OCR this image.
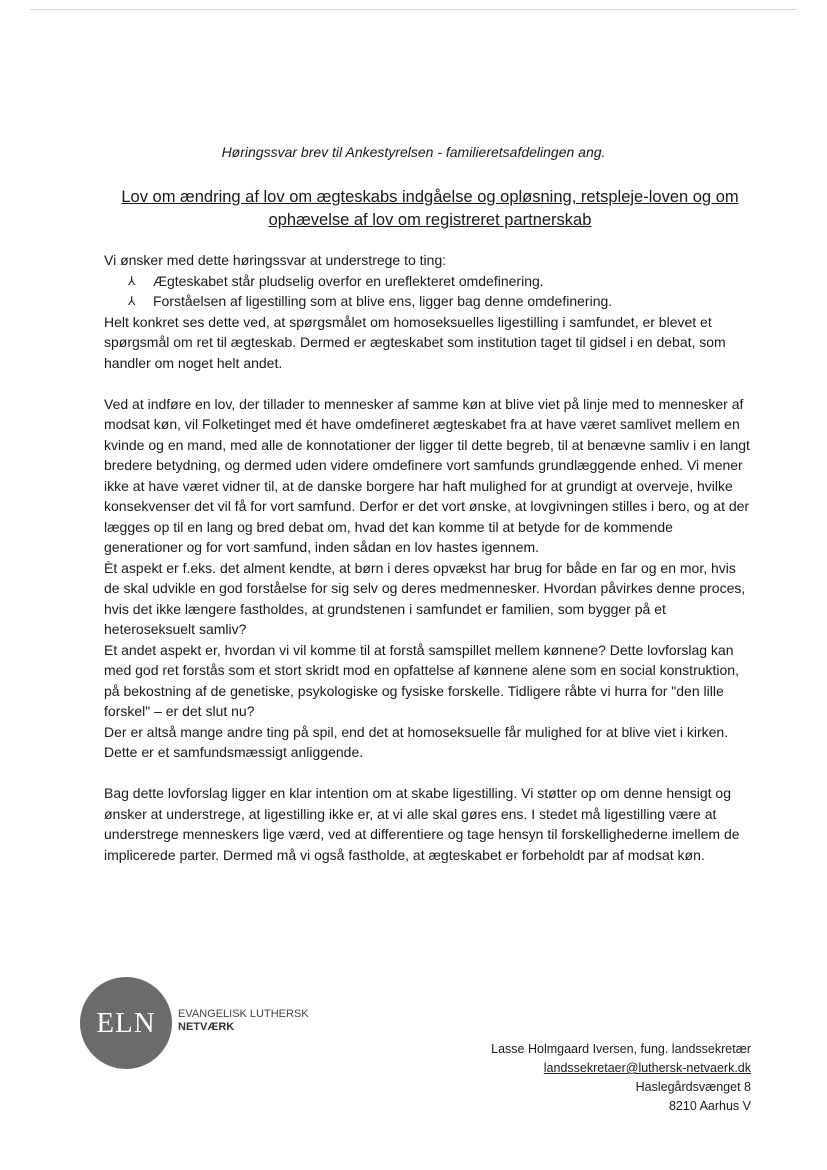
Høringssvar brev til Ankestyrelsen - familieretsafdelingen ang.
Lov om ændring af lov om ægteskabs indgåelse og opløsning, retspleje-loven og om ophævelse af lov om registreret partnerskab

Vi ønsker med dette høringssvar at understrege to ting:

⅄ Ægteskabet står pludselig overfor en ureflekteret omdefinering.
⅄ Forståelsen af ligestilling som at blive ens, ligger bag denne omdefinering.

Helt konkret ses dette ved, at spørgsmålet om homoseksuelles ligestilling i samfundet, er blevet et spørgsmål om ret til ægteskab. Dermed er ægteskabet som institution taget til gidsel i en debat, som handler om noget helt andet.

Ved at indføre en lov, der tillader to mennesker af samme køn at blive viet på linje med to mennesker af modsat køn, vil Folketinget med ét have omdefineret ægteskabet fra at have været samlivet mellem en kvinde og en mand, med alle de konnotationer der ligger til dette begreb, til at benævne samliv i en langt bredere betydning, og dermed uden videre omdefinere vort samfunds grundlæggende enhed. Vi mener ikke at have været vidner til, at de danske borgere har haft mulighed for at grundigt at overveje, hvilke konsekvenser det vil få for vort samfund. Derfor er det vort ønske, at lovgivningen stilles i bero, og at der lægges op til en lang og bred debat om, hvad det kan komme til at betyde for de kommende generationer og for vort samfund, inden sådan en lov hastes igennem.

Èt aspekt er f.eks. det alment kendte, at børn i deres opvækst har brug for både en far og en mor, hvis de skal udvikle en god forståelse for sig selv og deres medmennesker. Hvordan påvirkes denne proces, hvis det ikke længere fastholdes, at grundstenen i samfundet er familien, som bygger på et heteroseksuelt samliv?

Et andet aspekt er, hvordan vi vil komme til at forstå samspillet mellem kønnene? Dette lovforslag kan med god ret forstås som et stort skridt mod en opfattelse af kønnene alene som en social konstruktion, på bekostning af de genetiske, psykologiske og fysiske forskelle. Tidligere råbte vi hurra for "den lille forskel" – er det slut nu?

Der er altså mange andre ting på spil, end det at homoseksuelle får mulighed for at blive viet i kirken. Dette er et samfundsmæssigt anliggende.

Bag dette lovforslag ligger en klar intention om at skabe ligestilling. Vi støtter op om denne hensigt og ønsker at understrege, at ligestilling ikke er, at vi alle skal gøres ens. I stedet må ligestilling være at understrege menneskers lige værd, ved at differentiere og tage hensyn til forskellighederne imellem de implicerede parter. Dermed må vi også fastholde, at ægteskabet er forbeholdt par af modsat køn.

ELN EVANGELISK LUTHERSK
NETVÆRK
Lasse Holmgaard Iversen, fung. landssekretær
landssekretaer@luthersk-netvaerk.dk
Haslegårdsvænget 8
8210 Aarhus V
